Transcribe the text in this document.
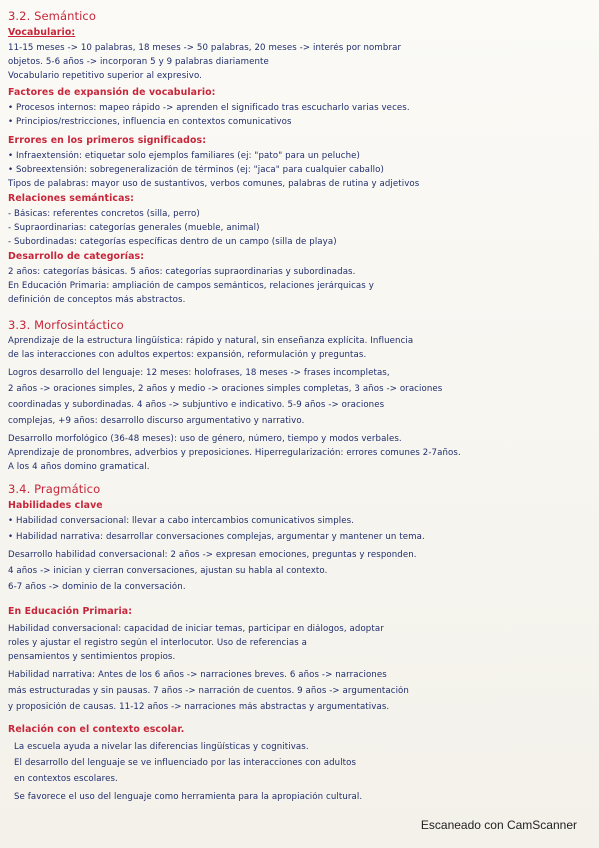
3.2. Semántico
Vocabulario:
11-15 meses -> 10 palabras, 18 meses -> 50 palabras, 20 meses -> interés por nombrar
objetos. 5-6 años -> incorporan 5 y 9 palabras diariamente
Vocabulario repetitivo superior al expresivo.
Factores de expansión de vocabulario:
• Procesos internos: mapeo rápido -> aprenden el significado tras escucharlo varias veces.
• Principios/restricciones, influencia en contextos comunicativos
Errores en los primeros significados:
• Infraextensión: etiquetar solo ejemplos familiares (ej: "pato" para un peluche)
• Sobreextensión: sobregeneralización de términos (ej: "jaca" para cualquier caballo)
Tipos de palabras: mayor uso de sustantivos, verbos comunes, palabras de rutina y adjetivos
Relaciones semánticas:
- Básicas: referentes concretos (silla, perro)
- Supraordinarias: categorías generales (mueble, animal)
- Subordinadas: categorías específicas dentro de un campo (silla de playa)
Desarrollo de categorías:
2 años: categorías básicas. 5 años: categorías supraordinarias y subordinadas.
En Educación Primaria: ampliación de campos semánticos, relaciones jerárquicas y
definición de conceptos más abstractos.
3.3. Morfosintáctico
Aprendizaje de la estructura lingüística: rápido y natural, sin enseñanza explícita. Influencia
de las interacciones con adultos expertos: expansión, reformulación y preguntas.
Logros desarrollo del lenguaje: 12 meses: holofrases, 18 meses -> frases incompletas,
2 años -> oraciones simples, 2 años y medio -> oraciones simples completas, 3 años -> oraciones
coordinadas y subordinadas. 4 años -> subjuntivo e indicativo. 5-9 años -> oraciones
complejas, +9 años: desarrollo discurso argumentativo y narrativo.
Desarrollo morfológico (36-48 meses): uso de género, número, tiempo y modos verbales.
Aprendizaje de pronombres, adverbios y preposiciones. Hiperregularización: errores comunes 2-7años.
A los 4 años domino gramatical.
3.4. Pragmático
Habilidades clave
• Habilidad conversacional: llevar a cabo intercambios comunicativos simples.
• Habilidad narrativa: desarrollar conversaciones complejas, argumentar y mantener un tema.
Desarrollo habilidad conversacional: 2 años -> expresan emociones, preguntas y responden.
4 años -> inician y cierran conversaciones, ajustan su habla al contexto.
6-7 años -> dominio de la conversación.
En Educación Primaria:
Habilidad conversacional: capacidad de iniciar temas, participar en diálogos, adoptar
roles y ajustar el registro según el interlocutor. Uso de referencias a
pensamientos y sentimientos propios.
Habilidad narrativa: Antes de los 6 años -> narraciones breves. 6 años -> narraciones
más estructuradas y sin pausas. 7 años -> narración de cuentos. 9 años -> argumentación
y proposición de causas. 11-12 años -> narraciones más abstractas y argumentativas.
Relación con el contexto escolar.
La escuela ayuda a nivelar las diferencias lingüísticas y cognitivas.
El desarrollo del lenguaje se ve influenciado por las interacciones con adultos
en contextos escolares.
Se favorece el uso del lenguaje como herramienta para la apropiación cultural.
Escaneado con CamScanner
